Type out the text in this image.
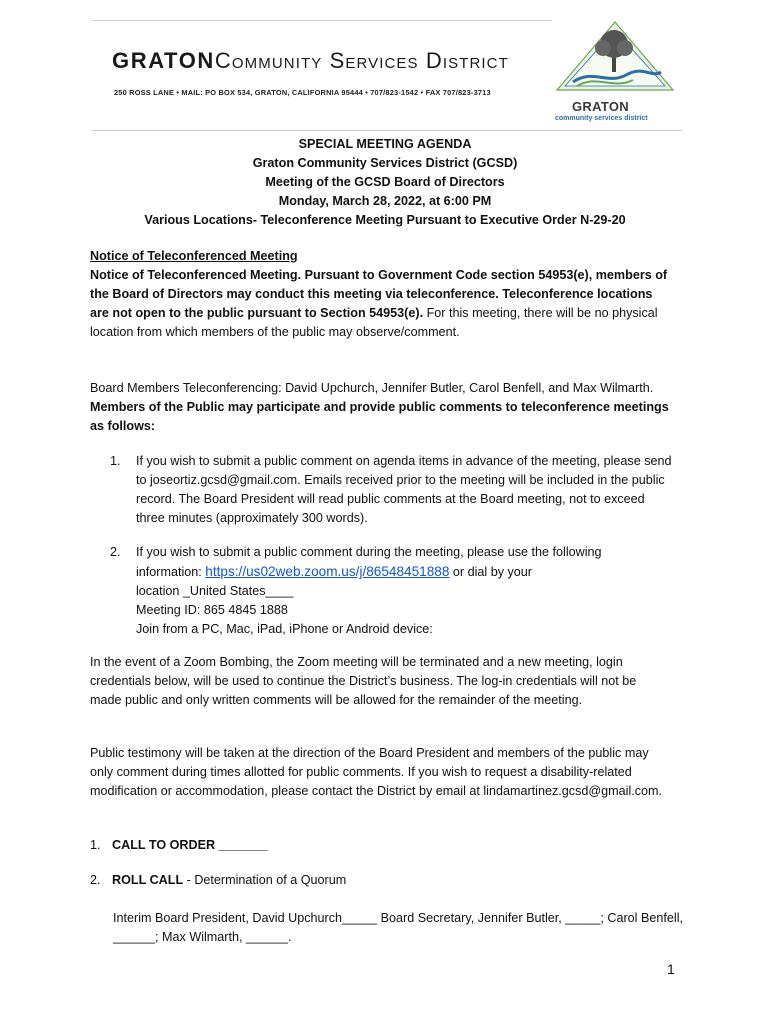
GRATONCommunity Services District
250 ROSS LANE • MAIL: PO BOX 534, GRATON, CALIFORNIA 95444 • 707/823-1542 • FAX 707/823-3713
GRATON
community services district
SPECIAL MEETING AGENDA
Graton Community Services District (GCSD)
Meeting of the GCSD Board of Directors
Monday, March 28, 2022, at 6:00 PM
Various Locations- Teleconference Meeting Pursuant to Executive Order N-29-20
Notice of Teleconferenced Meeting
Notice of Teleconferenced Meeting. Pursuant to Government Code section 54953(e), members of the Board of Directors may conduct this meeting via teleconference. Teleconference locations are not open to the public pursuant to Section 54953(e). For this meeting, there will be no physical location from which members of the public may observe/comment.
Board Members Teleconferencing: David Upchurch, Jennifer Butler, Carol Benfell, and Max Wilmarth. Members of the Public may participate and provide public comments to teleconference meetings as follows:
1. If you wish to submit a public comment on agenda items in advance of the meeting, please send to joseortiz.gcsd@gmail.com. Emails received prior to the meeting will be included in the public record. The Board President will read public comments at the Board meeting, not to exceed three minutes (approximately 300 words).
2. If you wish to submit a public comment during the meeting, please use the following
information: https://us02web.zoom.us/j/86548451888 or dial by your
location _United States____
Meeting ID: 865 4845 1888
Join from a PC, Mac, iPad, iPhone or Android device:
In the event of a Zoom Bombing, the Zoom meeting will be terminated and a new meeting, login credentials below, will be used to continue the District’s business. The log-in credentials will not be made public and only written comments will be allowed for the remainder of the meeting.
Public testimony will be taken at the direction of the Board President and members of the public may only comment during times allotted for public comments. If you wish to request a disability-related modification or accommodation, please contact the District by email at lindamartinez.gcsd@gmail.com.
1. CALL TO ORDER _______
2. ROLL CALL - Determination of a Quorum
Interim Board President, David Upchurch_____ Board Secretary, Jennifer Butler, _____; Carol Benfell, ______; Max Wilmarth, ______.
1
